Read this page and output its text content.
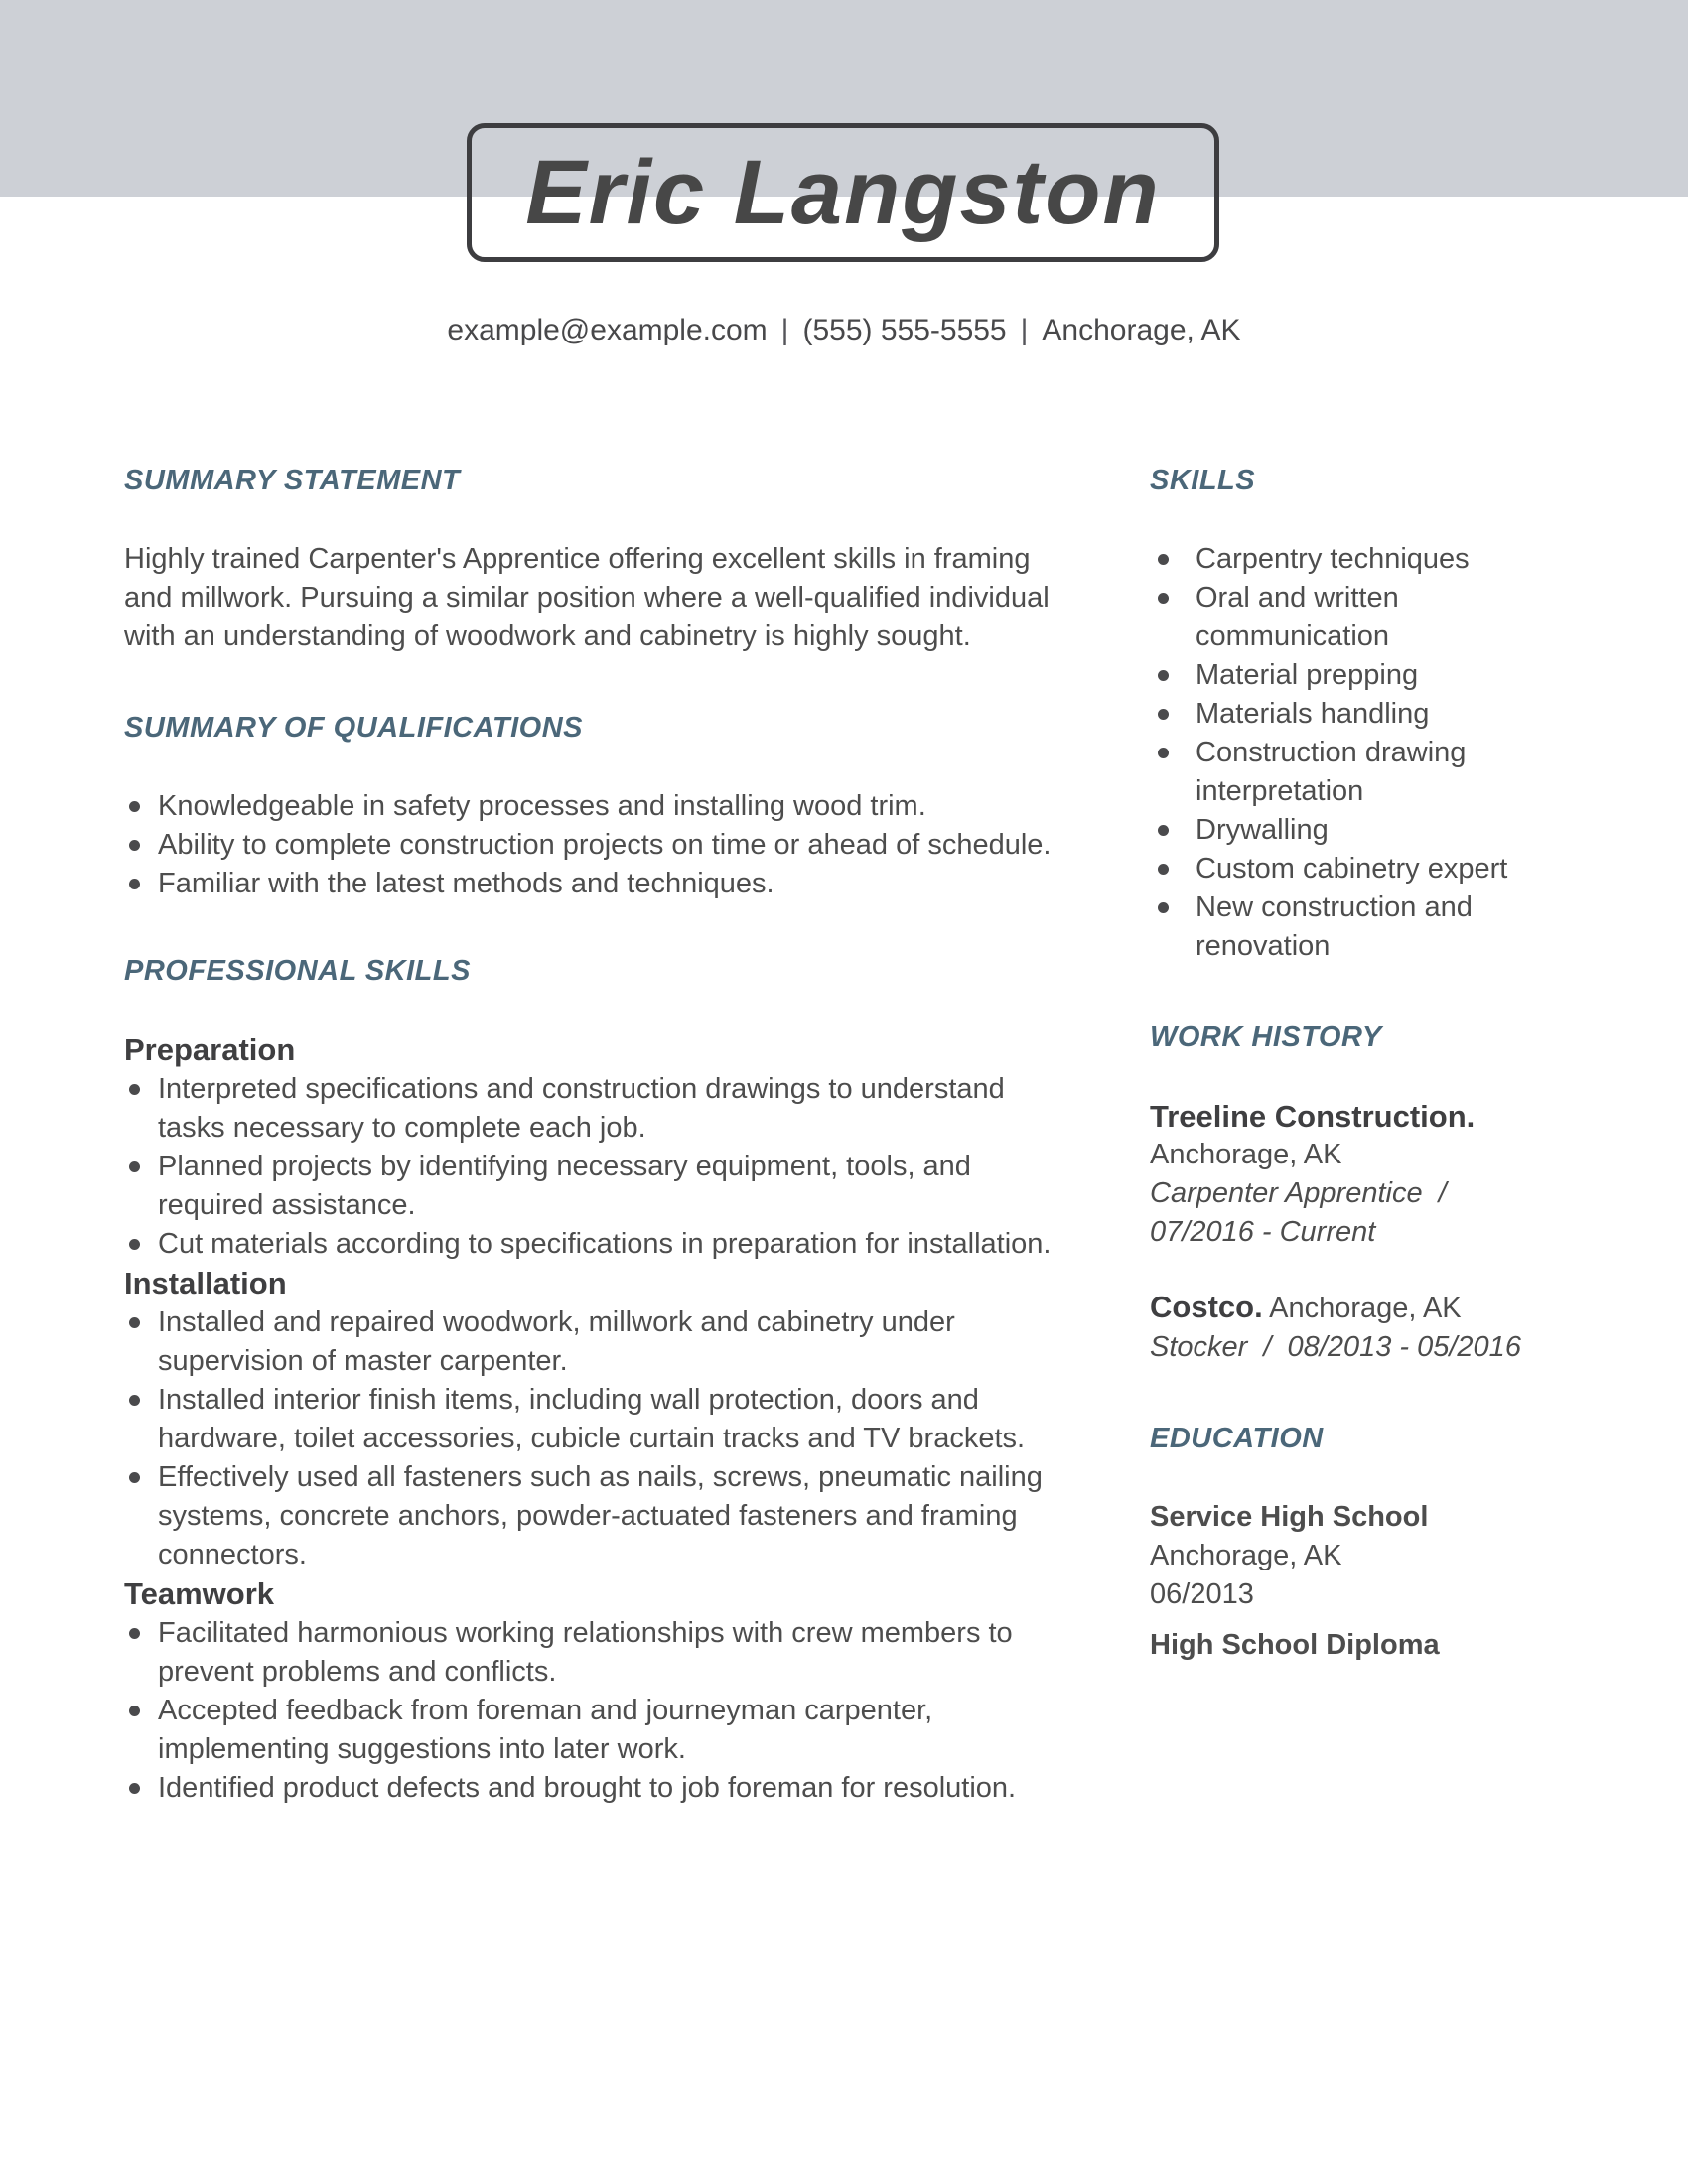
Eric Langston
example@example.com | (555) 555-5555 | Anchorage, AK
SUMMARY STATEMENT

Highly trained Carpenter's Apprentice offering excellent skills in framing and millwork. Pursuing a similar position where a well-qualified individual with an understanding of woodwork and cabinetry is highly sought.

SUMMARY OF QUALIFICATIONS
Knowledgeable in safety processes and installing wood trim.
Ability to complete construction projects on time or ahead of schedule.
Familiar with the latest methods and techniques.
PROFESSIONAL SKILLS
Preparation
Interpreted specifications and construction drawings to understand tasks necessary to complete each job.
Planned projects by identifying necessary equipment, tools, and required assistance.
Cut materials according to specifications in preparation for installation.
Installation
Installed and repaired woodwork, millwork and cabinetry under supervision of master carpenter.
Installed interior finish items, including wall protection, doors and hardware, toilet accessories, cubicle curtain tracks and TV brackets.
Effectively used all fasteners such as nails, screws, pneumatic nailing systems, concrete anchors, powder-actuated fasteners and framing connectors.
Teamwork
Facilitated harmonious working relationships with crew members to prevent problems and conflicts.
Accepted feedback from foreman and journeyman carpenter, implementing suggestions into later work.
Identified product defects and brought to job foreman for resolution.
SKILLS
Carpentry techniques
Oral and written communication
Material prepping
Materials handling
Construction drawing interpretation
Drywalling
Custom cabinetry expert
New construction and renovation
WORK HISTORY

Treeline Construction.

Anchorage, AK

Carpenter Apprentice / 07/2016 - Current

Costco. Anchorage, AK

Stocker / 08/2013 - 05/2016

EDUCATION

Service High School

Anchorage, AK

06/2013

High School Diploma
